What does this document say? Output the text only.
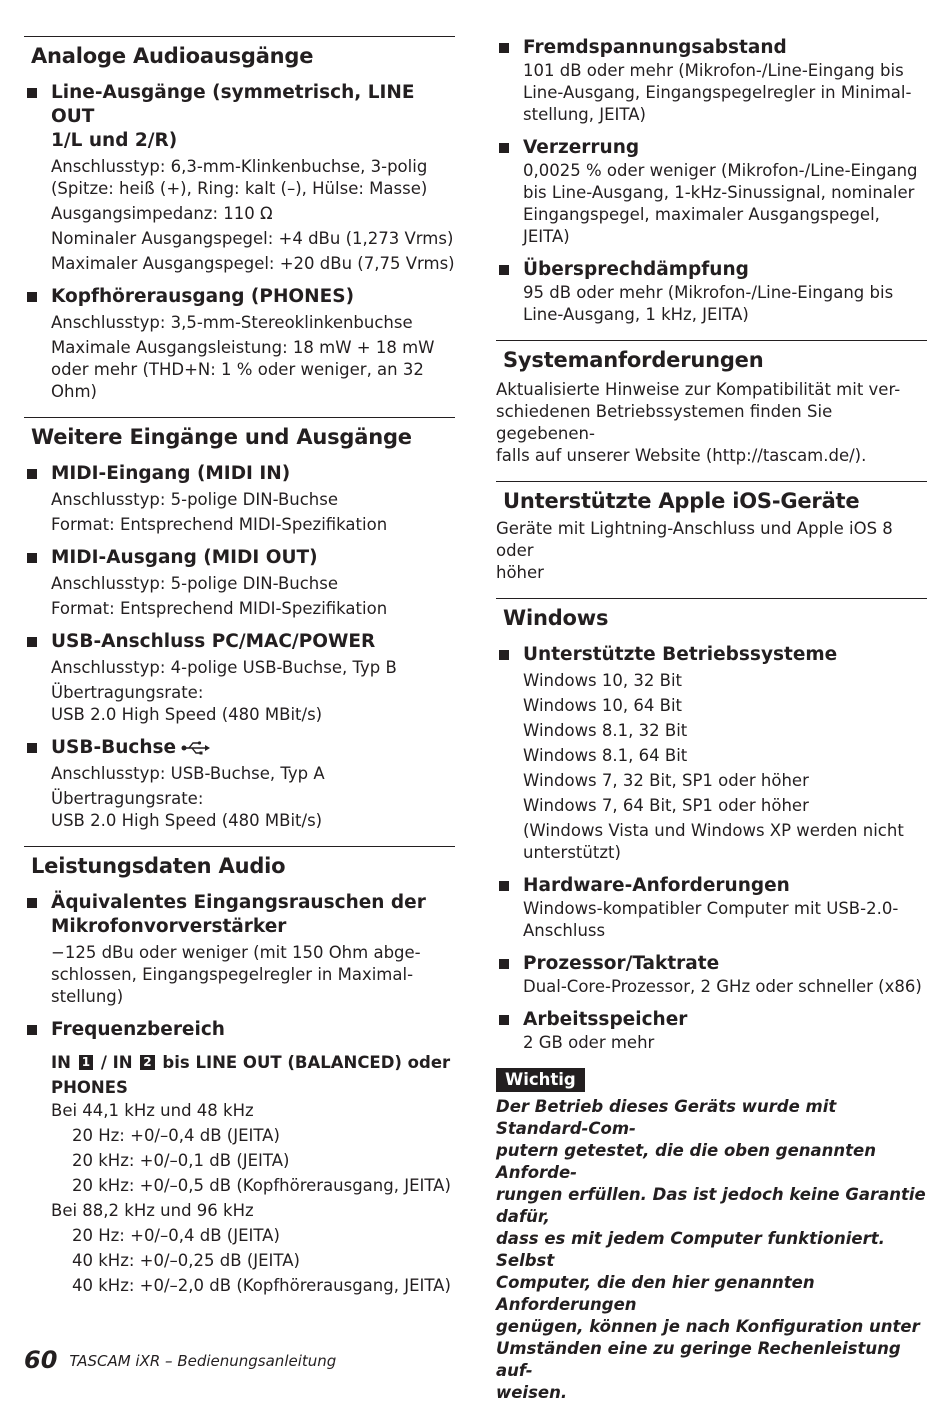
Analoge Audioausgänge
Line-Ausgänge (symmetrisch, LINE OUT
1/L und 2/R)
Anschlusstyp: 6,3-mm-Klinkenbuchse, 3-polig
(Spitze: heiß (+), Ring: kalt (–), Hülse: Masse)
Ausgangsimpedanz: 110 Ω
Nominaler Ausgangspegel: +4 dBu (1,273 Vrms)
Maximaler Ausgangspegel: +20 dBu (7,75 Vrms)
Kopfhörerausgang (PHONES)
Anschlusstyp: 3,5-mm-Stereoklinkenbuchse
Maximale Ausgangsleistung: 18 mW + 18 mW
oder mehr (THD+N: 1 % oder weniger, an 32 Ohm)
Weitere Eingänge und Ausgänge
MIDI-Eingang (MIDI IN)
Anschlusstyp: 5-polige DIN-Buchse
Format: Entsprechend MIDI-Spezifikation
MIDI-Ausgang (MIDI OUT)
Anschlusstyp: 5-polige DIN-Buchse
Format: Entsprechend MIDI-Spezifikation
USB-Anschluss PC/MAC/POWER
Anschlusstyp: 4-polige USB-Buchse, Typ B
Übertragungsrate:
USB 2.0 High Speed (480 MBit/s)
USB-Buchse
Anschlusstyp: USB-Buchse, Typ A
Übertragungsrate:
USB 2.0 High Speed (480 MBit/s)
Leistungsdaten Audio
Äquivalentes Eingangsrauschen der
Mikrofonvorverstärker
−125 dBu oder weniger (mit 150 Ohm abge-
schlossen, Eingangspegelregler in Maximal-
stellung)
Frequenzbereich
IN 1 / IN 2 bis LINE OUT (BALANCED) oder
PHONES
Bei 44,1 kHz und 48 kHz
20 Hz: +0/–0,4 dB (JEITA)
20 kHz: +0/–0,1 dB (JEITA)
20 kHz: +0/–0,5 dB (Kopfhörerausgang, JEITA)
Bei 88,2 kHz und 96 kHz
20 Hz: +0/–0,4 dB (JEITA)
40 kHz: +0/–0,25 dB (JEITA)
40 kHz: +0/–2,0 dB (Kopfhörerausgang, JEITA)
Fremdspannungsabstand
101 dB oder mehr (Mikrofon-/Line-Eingang bis
Line-Ausgang, Eingangspegelregler in Minimal-
stellung, JEITA)
Verzerrung
0,0025 % oder weniger (Mikrofon-/Line-Eingang
bis Line-Ausgang, 1-kHz-Sinussignal, nominaler
Eingangspegel, maximaler Ausgangspegel, JEITA)
Übersprechdämpfung
95 dB oder mehr (Mikrofon-/Line-Eingang bis
Line-Ausgang, 1 kHz, JEITA)
Systemanforderungen
Aktualisierte Hinweise zur Kompatibilität mit ver-
schiedenen Betriebssystemen finden Sie gegebenen-
falls auf unserer Website (http://tascam.de/).
Unterstützte Apple iOS-Geräte
Geräte mit Lightning-Anschluss und Apple iOS 8 oder
höher
Windows
Unterstützte Betriebssysteme
Windows 10, 32 Bit
Windows 10, 64 Bit
Windows 8.1, 32 Bit
Windows 8.1, 64 Bit
Windows 7, 32 Bit, SP1 oder höher
Windows 7, 64 Bit, SP1 oder höher
(Windows Vista und Windows XP werden nicht
unterstützt)
Hardware-Anforderungen
Windows-kompatibler Computer mit USB-2.0-
Anschluss
Prozessor/Taktrate
Dual-Core-Prozessor, 2 GHz oder schneller (x86)
Arbeitsspeicher
2 GB oder mehr
Wichtig
Der Betrieb dieses Geräts wurde mit Standard-Com-
putern getestet, die die oben genannten Anforde-
rungen erfüllen. Das ist jedoch keine Garantie dafür,
dass es mit jedem Computer funktioniert. Selbst
Computer, die den hier genannten Anforderungen
genügen, können je nach Konfiguration unter
Umständen eine zu geringe Rechenleistung auf-
weisen.
60 TASCAM iXR – Bedienungsanleitung
